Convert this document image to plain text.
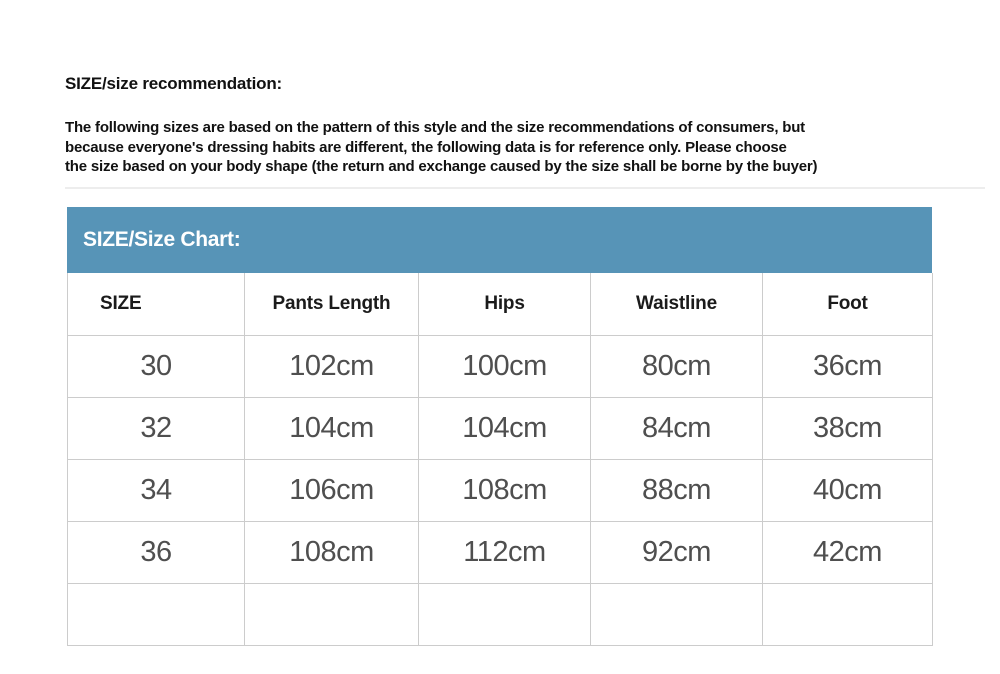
SIZE/size recommendation:
The following sizes are based on the pattern of this style and the size recommendations of consumers, but
because everyone's dressing habits are different, the following data is for reference only. Please choose
the size based on your body shape (the return and exchange caused by the size shall be borne by the buyer)
SIZE/Size Chart:
SIZE	Pants Length	Hips	Waistline	Foot
30	102cm	100cm	80cm	36cm
32	104cm	104cm	84cm	38cm
34	106cm	108cm	88cm	40cm
36	108cm	112cm	92cm	42cm
